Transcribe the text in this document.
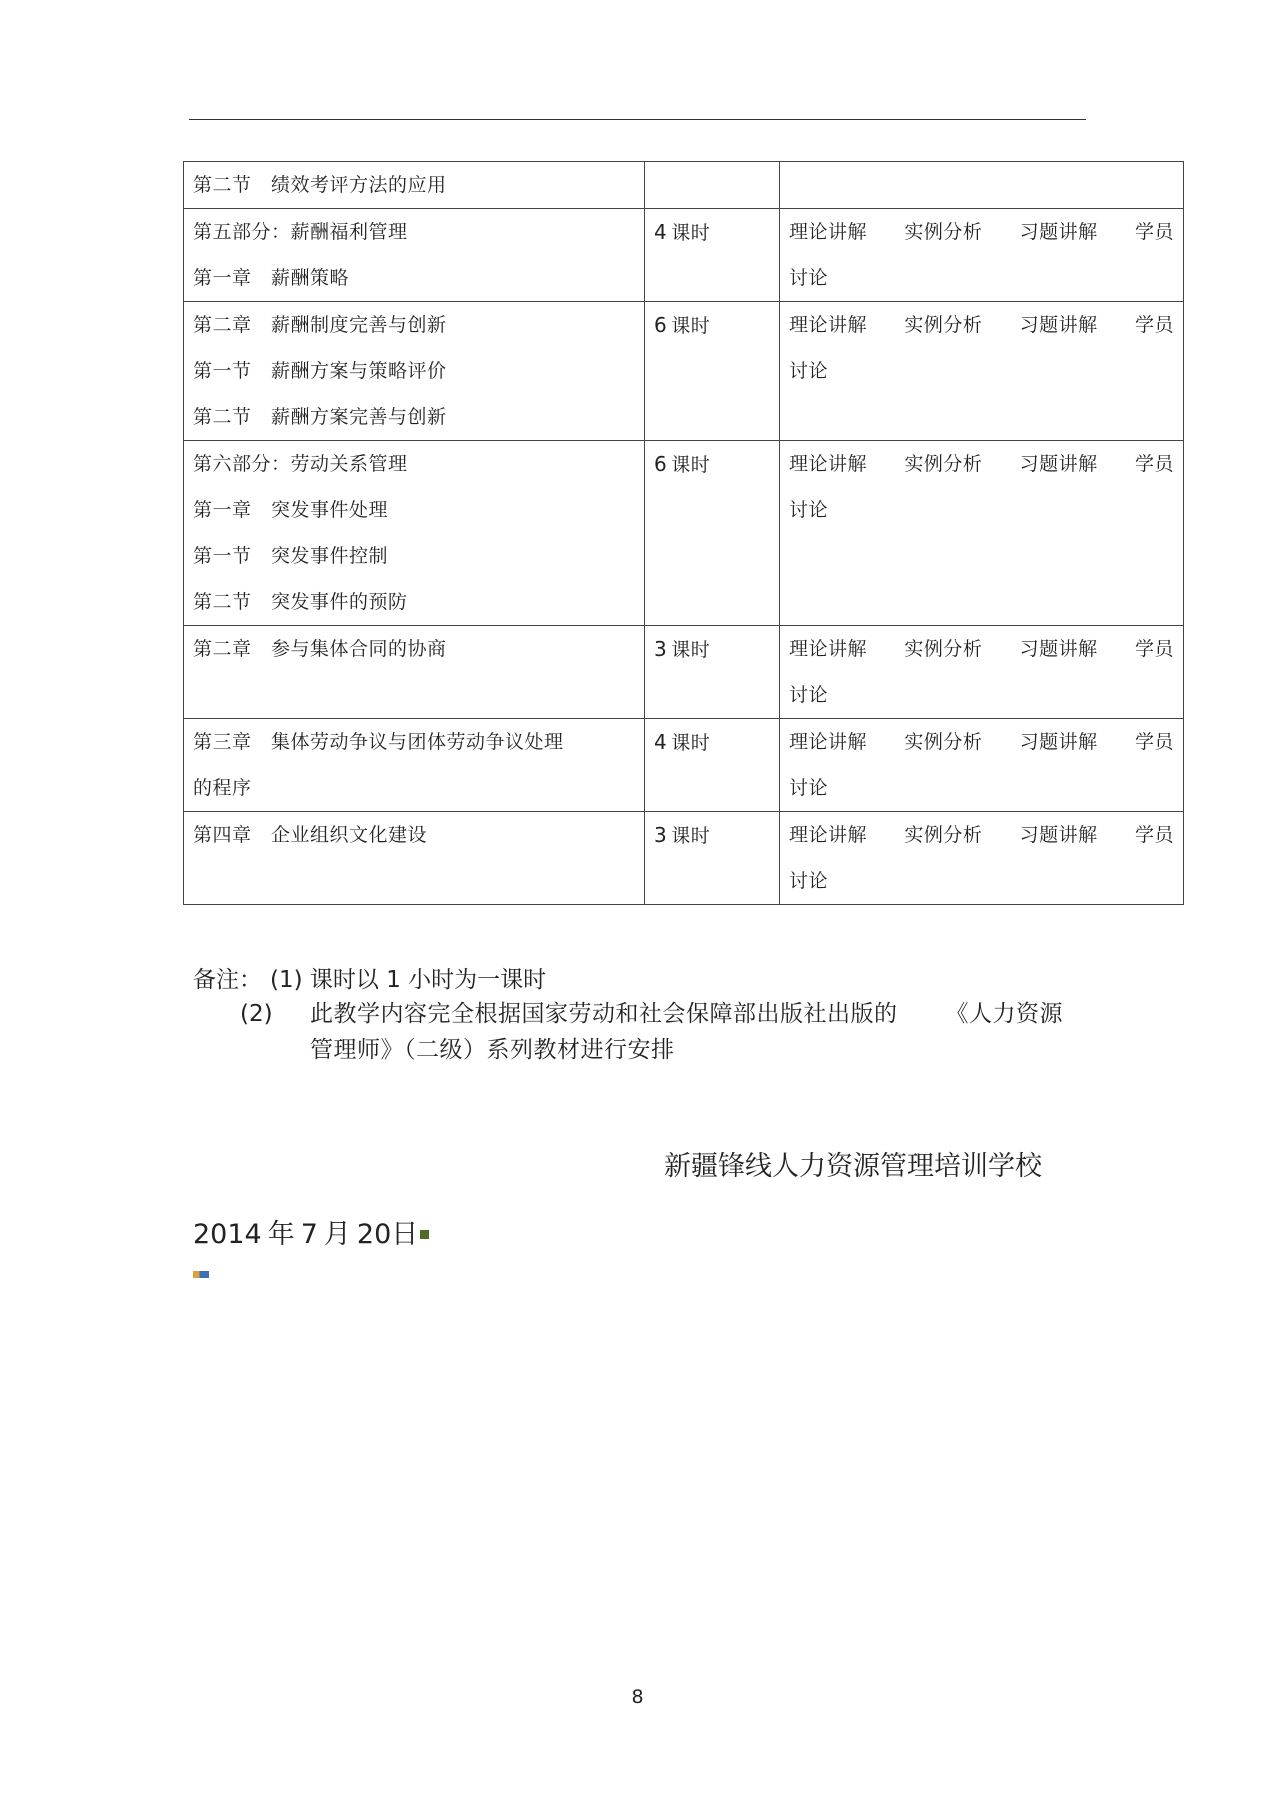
第二节　绩效考评方法的应用		

第五部分：薪酬福利管理
第一章　薪酬策略	4 课时	理论讲解 实例分析 习题讲解 学员
讨论

第二章　薪酬制度完善与创新
第一节　薪酬方案与策略评价
第二节　薪酬方案完善与创新	6 课时	理论讲解 实例分析 习题讲解 学员
讨论

第六部分：劳动关系管理
第一章　突发事件处理
第一节　突发事件控制
第二节　突发事件的预防	6 课时	理论讲解 实例分析 习题讲解 学员
讨论

第二章　参与集体合同的协商	3 课时	理论讲解 实例分析 习题讲解 学员
讨论

第三章　集体劳动争议与团体劳动争议处理
的程序	4 课时	理论讲解 实例分析 习题讲解 学员
讨论

第四章　企业组织文化建设	3 课时	理论讲解 实例分析 习题讲解 学员
讨论
备注： (1) 课时以 1 小时为一课时
(2) 此教学内容完全根据国家劳动和社会保障部出版社出版的 《人力资源
管理师》（二级）系列教材进行安排
新疆锋线人力资源管理培训学校
2014 年 7 月 20日
8
